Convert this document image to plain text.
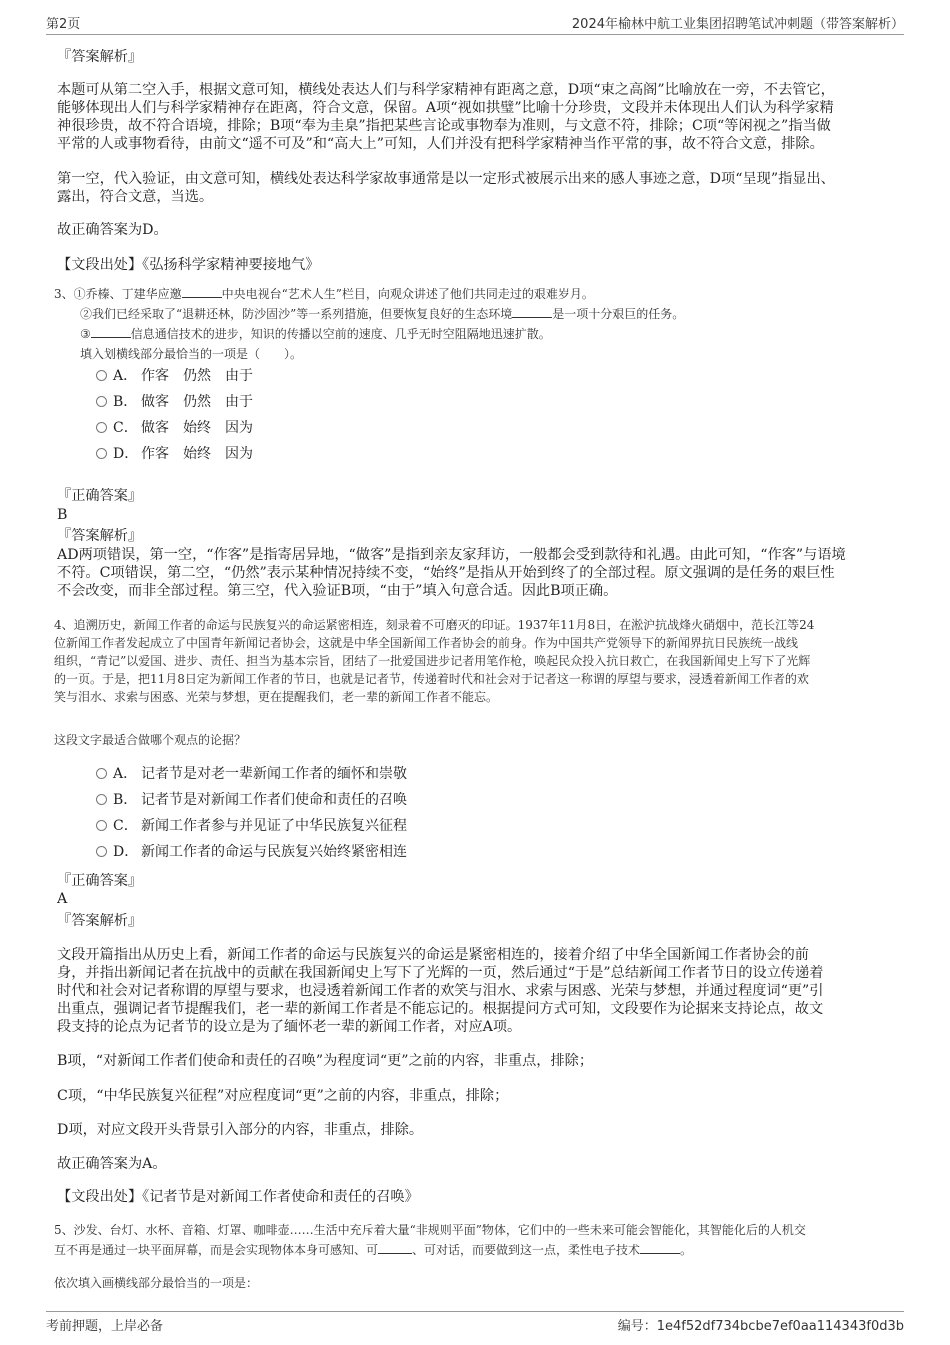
第2页	2024年榆林中航工业集团招聘笔试冲刺题（带答案解析）
『答案解析』
本题可从第二空入手，根据文意可知，横线处表达人们与科学家精神有距离之意，D项“束之高阁”比喻放在一旁，不去管它，
能够体现出人们与科学家精神存在距离，符合文意，保留。A项“视如拱璧”比喻十分珍贵，文段并未体现出人们认为科学家精
神很珍贵，故不符合语境，排除；B项“奉为圭臬”指把某些言论或事物奉为准则，与文意不符，排除；C项“等闲视之”指当做
平常的人或事物看待，由前文“遥不可及”和“高大上”可知，人们并没有把科学家精神当作平常的事，故不符合文意，排除。
第一空，代入验证，由文意可知，横线处表达科学家故事通常是以一定形式被展示出来的感人事迹之意，D项“呈现”指显出、
露出，符合文意，当选。
故正确答案为D。
【文段出处】《弘扬科学家精神要接地气》
3、①乔榛、丁建华应邀	中央电视台“艺术人生”栏目，向观众讲述了他们共同走过的艰难岁月。
②我们已经采取了“退耕还林，防沙固沙”等一系列措施，但要恢复良好的生态环境	是一项十分艰巨的任务。
③	信息通信技术的进步，知识的传播以空前的速度、几乎无时空阻隔地迅速扩散。
填入划横线部分最恰当的一项是（　　）。
A． 作客 仍然 由于
B． 做客 仍然 由于
C． 做客 始终 因为
D． 作客 始终 因为
『正确答案』
B
『答案解析』
AD两项错误，第一空，“作客”是指寄居异地，“做客”是指到亲友家拜访，一般都会受到款待和礼遇。由此可知，“作客”与语境
不符。C项错误，第二空，“仍然”表示某种情况持续不变，“始终”是指从开始到终了的全部过程。原文强调的是任务的艰巨性
不会改变，而非全部过程。第三空，代入验证B项，“由于”填入句意合适。因此B项正确。
4、追溯历史，新闻工作者的命运与民族复兴的命运紧密相连，刻录着不可磨灭的印证。1937年11月8日，在淞沪抗战烽火硝烟中，范长江等24
位新闻工作者发起成立了中国青年新闻记者协会，这就是中华全国新闻工作者协会的前身。作为中国共产党领导下的新闻界抗日民族统一战线
组织，“青记”以爱国、进步、责任、担当为基本宗旨，团结了一批爱国进步记者用笔作枪，唤起民众投入抗日救亡，在我国新闻史上写下了光辉
的一页。于是，把11月8日定为新闻工作者的节日，也就是记者节，传递着时代和社会对于记者这一称谓的厚望与要求，浸透着新闻工作者的欢
笑与泪水、求索与困惑、光荣与梦想，更在提醒我们，老一辈的新闻工作者不能忘。
这段文字最适合做哪个观点的论据？
A． 记者节是对老一辈新闻工作者的缅怀和崇敬
B． 记者节是对新闻工作者们使命和责任的召唤
C． 新闻工作者参与并见证了中华民族复兴征程
D． 新闻工作者的命运与民族复兴始终紧密相连
『正确答案』
A
『答案解析』
文段开篇指出从历史上看，新闻工作者的命运与民族复兴的命运是紧密相连的，接着介绍了中华全国新闻工作者协会的前
身，并指出新闻记者在抗战中的贡献在我国新闻史上写下了光辉的一页，然后通过“于是”总结新闻工作者节日的设立传递着
时代和社会对记者称谓的厚望与要求，也浸透着新闻工作者的欢笑与泪水、求索与困惑、光荣与梦想，并通过程度词“更”引
出重点，强调记者节提醒我们，老一辈的新闻工作者是不能忘记的。根据提问方式可知，文段要作为论据来支持论点，故文
段支持的论点为记者节的设立是为了缅怀老一辈的新闻工作者，对应A项。
B项，“对新闻工作者们使命和责任的召唤”为程度词“更”之前的内容，非重点，排除；
C项，“中华民族复兴征程”对应程度词“更”之前的内容，非重点，排除；
D项，对应文段开头背景引入部分的内容，非重点，排除。
故正确答案为A。
【文段出处】《记者节是对新闻工作者使命和责任的召唤》
5、沙发、台灯、水杯、音箱、灯罩、咖啡壶……生活中充斥着大量“非规则平面”物体，它们中的一些未来可能会智能化，其智能化后的人机交
互不再是通过一块平面屏幕，而是会实现物体本身可感知、可	、可对话，而要做到这一点，柔性电子技术	。
依次填入画横线部分最恰当的一项是：
考前押题，上岸必备	编号：1e4f52df734bcbe7ef0aa114343f0d3b
